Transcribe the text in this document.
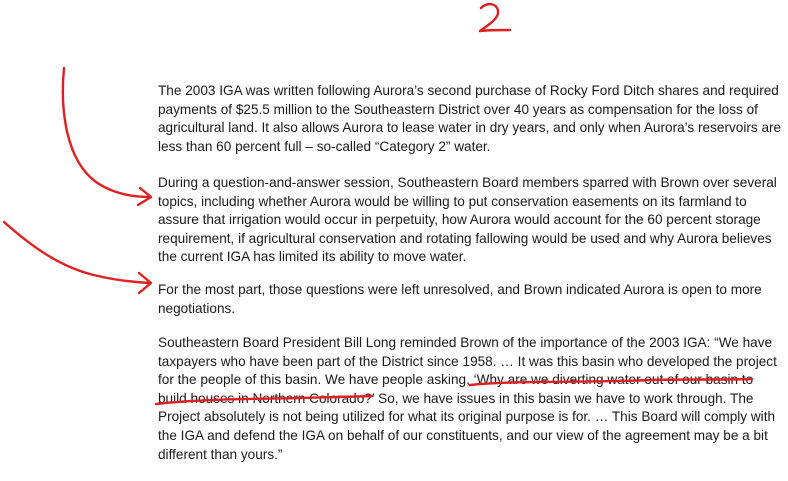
The 2003 IGA was written following Aurora’s second purchase of Rocky Ford Ditch shares and required
payments of $25.5 million to the Southeastern District over 40 years as compensation for the loss of
agricultural land. It also allows Aurora to lease water in dry years, and only when Aurora’s reservoirs are
less than 60 percent full – so-called “Category 2” water.

During a question-and-answer session, Southeastern Board members sparred with Brown over several
topics, including whether Aurora would be willing to put conservation easements on its farmland to
assure that irrigation would occur in perpetuity, how Aurora would account for the 60 percent storage
requirement, if agricultural conservation and rotating fallowing would be used and why Aurora believes
the current IGA has limited its ability to move water.

For the most part, those questions were left unresolved, and Brown indicated Aurora is open to more
negotiations.

Southeastern Board President Bill Long reminded Brown of the importance of the 2003 IGA: “We have
taxpayers who have been part of the District since 1958. … It was this basin who developed the project
for the people of this basin. We have people asking, ‘Why are we diverting water out of our basin to
build houses in Northern Colorado?’ So, we have issues in this basin we have to work through. The
Project absolutely is not being utilized for what its original purpose is for. … This Board will comply with
the IGA and defend the IGA on behalf of our constituents, and our view of the agreement may be a bit
different than yours.”
